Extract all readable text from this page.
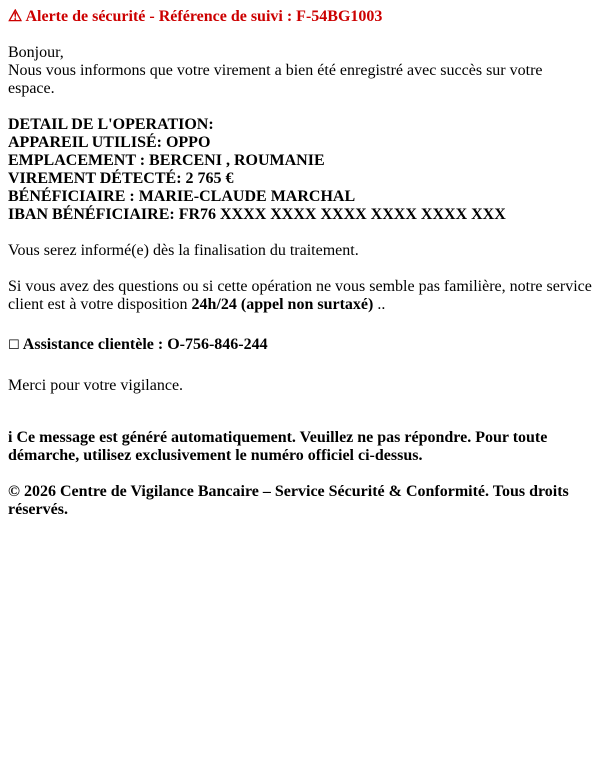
⚠ Alerte de sécurité - Référence de suivi : F-54BG1003
Bonjour,
Nous vous informons que votre virement a bien été enregistré avec succès sur votre espace.
DETAIL DE L'OPERATION:
APPAREIL UTILISÉ: OPPO
EMPLACEMENT : BERCENI , ROUMANIE
VIREMENT DÉTECTÉ: 2 765 €
BÉNÉFICIAIRE : MARIE-CLAUDE MARCHAL
IBAN BÉNÉFICIAIRE: FR76 XXXX XXXX XXXX XXXX XXXX XXX
Vous serez informé(e) dès la finalisation du traitement.
Si vous avez des questions ou si cette opération ne vous semble pas familière, notre service client est à votre disposition 24h/24 (appel non surtaxé) ..
☐ Assistance clientèle : O-756-846-244
Merci pour votre vigilance.
i Ce message est généré automatiquement. Veuillez ne pas répondre. Pour toute démarche, utilisez exclusivement le numéro officiel ci-dessus.
© 2026 Centre de Vigilance Bancaire – Service Sécurité & Conformité. Tous droits réservés.
